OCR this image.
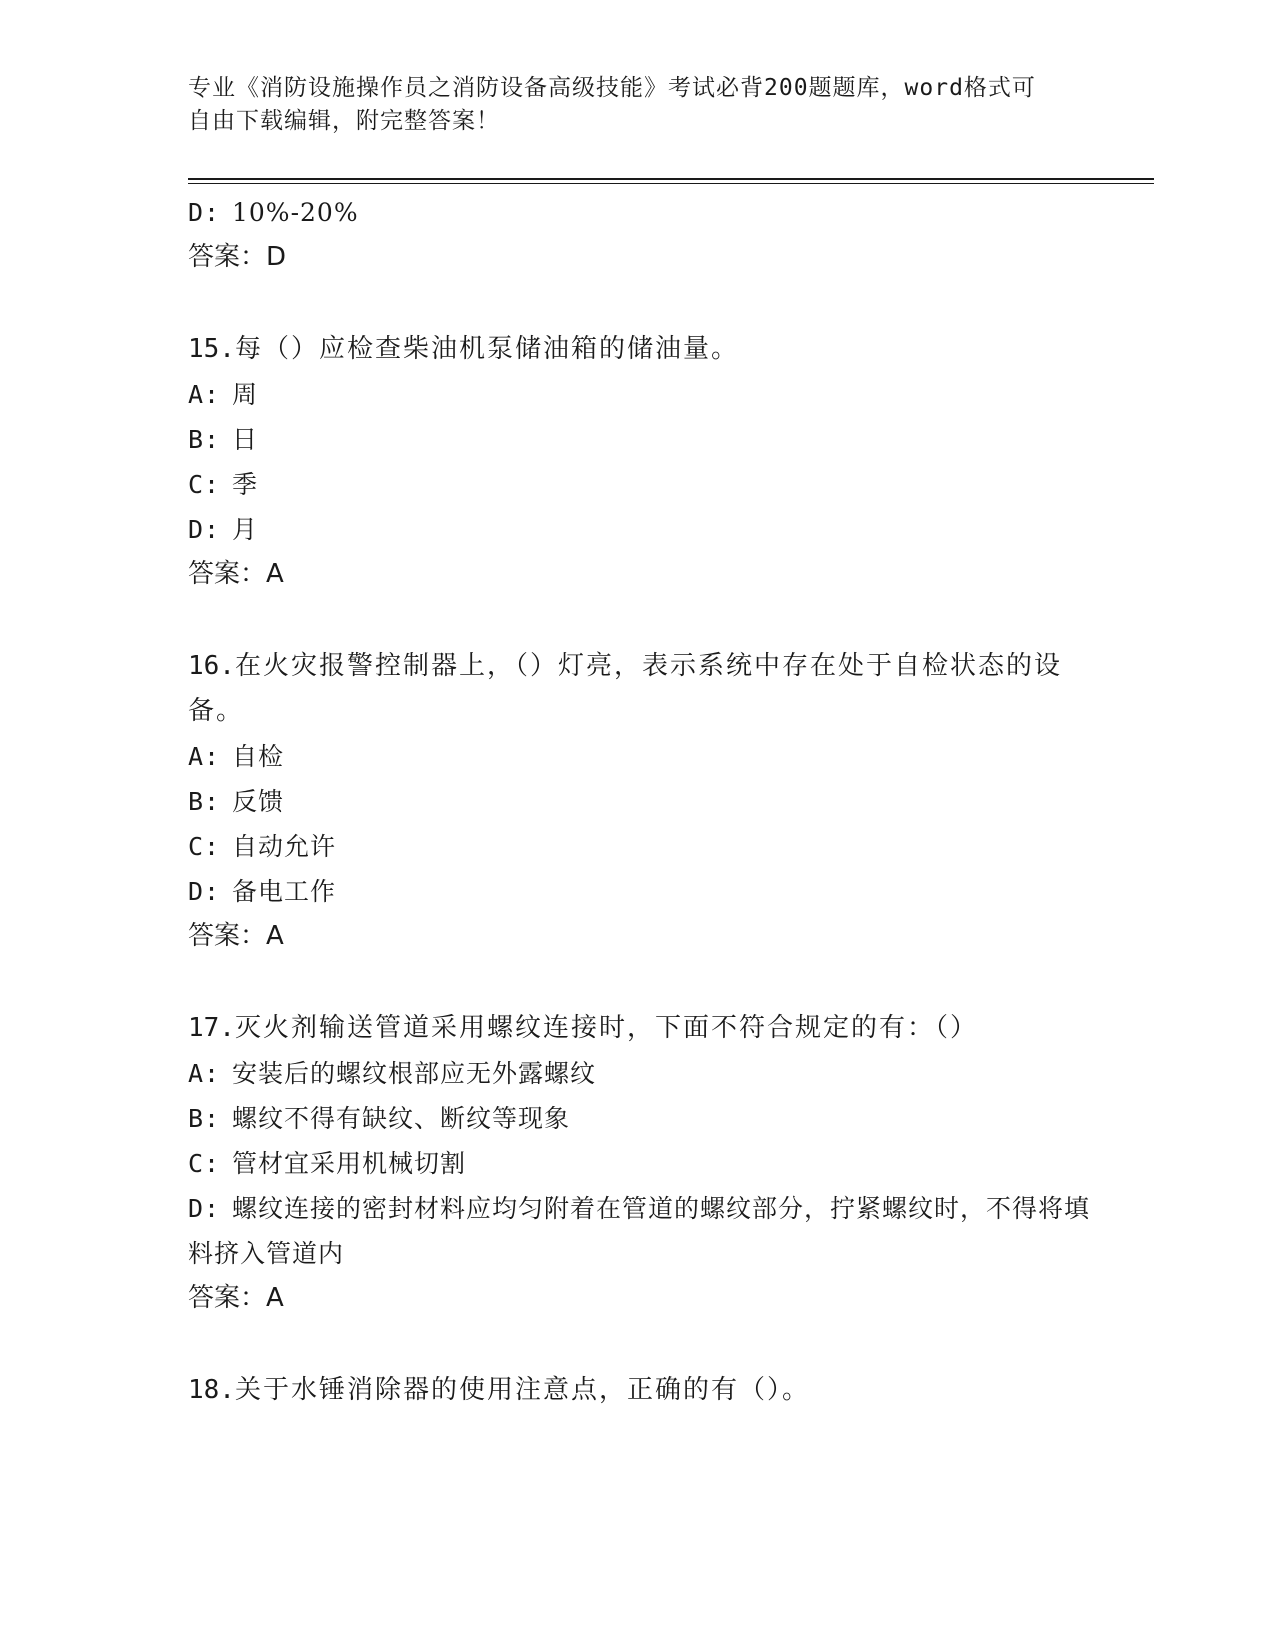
专业《消防设施操作员之消防设备高级技能》考试必背200题题库，word格式可
自由下载编辑，附完整答案！
D: 10%-20%
答案：D
15.每（）应检查柴油机泵储油箱的储油量。
A: 周
B: 日
C: 季
D: 月
答案：A
16.在火灾报警控制器上，（）灯亮，表示系统中存在处于自检状态的设备。
A: 自检
B: 反馈
C: 自动允许
D: 备电工作
答案：A
17.灭火剂输送管道采用螺纹连接时，下面不符合规定的有：（）
A: 安装后的螺纹根部应无外露螺纹
B: 螺纹不得有缺纹、断纹等现象
C: 管材宜采用机械切割
D: 螺纹连接的密封材料应均匀附着在管道的螺纹部分，拧紧螺纹时，不得将填料挤入管道内
答案：A
18.关于水锤消除器的使用注意点，正确的有（）。
